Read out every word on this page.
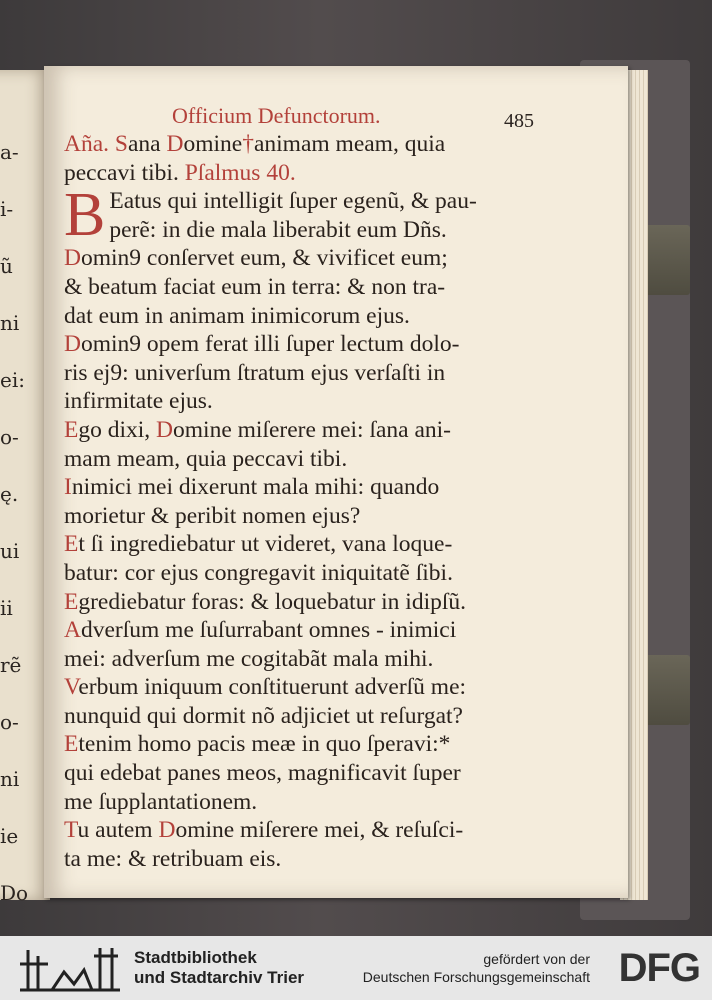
a-
i-
ũ
ni
ei:
o-
ę.
ui
ii
rẽ
o-
ni
ie
Do
Officium Defunctorum.	485
Aña. Sana Domine†animam meam, quia
peccavi tibi. Pſalmus 40.
B Eatus qui intelligit ſuper egenũ, & pau-
perẽ: in die mala liberabit eum Dñs.
Domin9 conſervet eum, & vivificet eum;
& beatum faciat eum in terra: & non tra-
dat eum in animam inimicorum ejus.
Domin9 opem ferat illi ſuper lectum dolo-
ris ej9: univerſum ſtratum ejus verſaſti in
infirmitate ejus.
Ego dixi, Domine miſerere mei: ſana ani-
mam meam, quia peccavi tibi.
Inimici mei dixerunt mala mihi: quando
morietur & peribit nomen ejus?
Et ſi ingrediebatur ut videret, vana loque-
batur: cor ejus congregavit iniquitatẽ ſibi.
Egrediebatur foras: & loquebatur in idipſũ.
Adverſum me ſuſurrabant omnes - inimici
mei: adverſum me cogitabãt mala mihi.
Verbum iniquum conſtituerunt adverſũ me:
nunquid qui dormit nõ adjiciet ut reſurgat?
Etenim homo pacis meæ in quo ſperavi:*
qui edebat panes meos, magnificavit ſuper
me ſupplantationem.
Tu autem Domine miſerere mei, & reſuſci-
ta me: & retribuam eis.
Stadtbibliothek
und Stadtarchiv Trier
gefördert von der
Deutschen Forschungsgemeinschaft DFG
